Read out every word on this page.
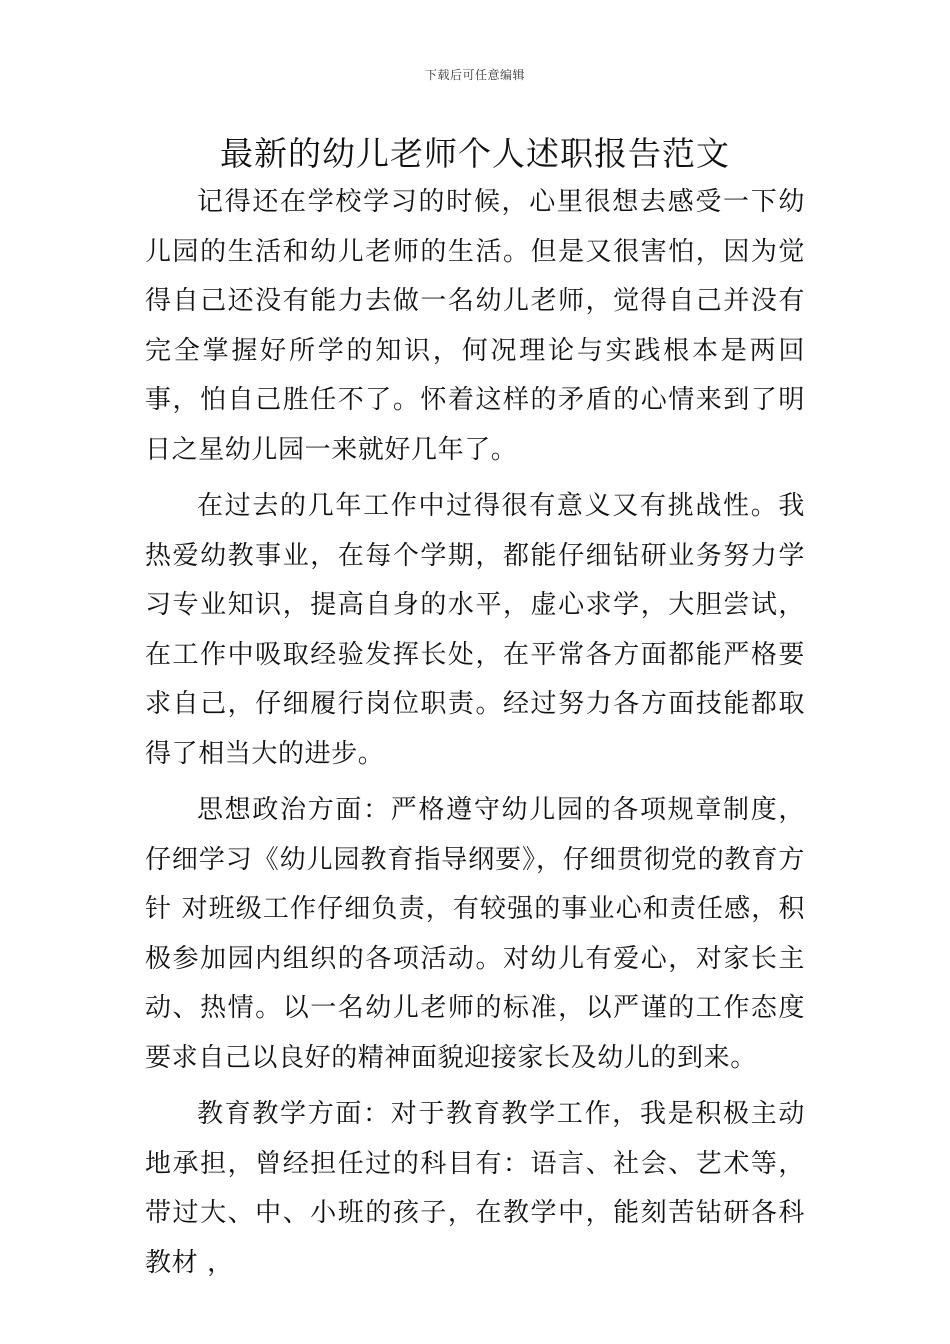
下载后可任意编辑
最新的幼儿老师个人述职报告范文

记得还在学校学习的时候，心里很想去感受一下幼儿园的生活和幼儿老师的生活。但是又很害怕，因为觉得自己还没有能力去做一名幼儿老师，觉得自己并没有完全掌握好所学的知识，何况理论与实践根本是两回事，怕自己胜任不了。怀着这样的矛盾的心情来到了明日之星幼儿园一来就好几年了。

在过去的几年工作中过得很有意义又有挑战性。我热爱幼教事业，在每个学期，都能仔细钻研业务努力学习专业知识，提高自身的水平，虚心求学，大胆尝试，在工作中吸取经验发挥长处，在平常各方面都能严格要求自己，仔细履行岗位职责。经过努力各方面技能都取得了相当大的进步。

思想政治方面：严格遵守幼儿园的各项规章制度，仔细学习《幼儿园教育指导纲要》，仔细贯彻党的教育方针 对班级工作仔细负责，有较强的事业心和责任感，积极参加园内组织的各项活动。对幼儿有爱心，对家长主动、热情。以一名幼儿老师的标准，以严谨的工作态度要求自己以良好的精神面貌迎接家长及幼儿的到来。

教育教学方面：对于教育教学工作，我是积极主动地承担，曾经担任过的科目有：语言、社会、艺术等，带过大、中、小班的孩子，在教学中，能刻苦钻研各科教材 ，
